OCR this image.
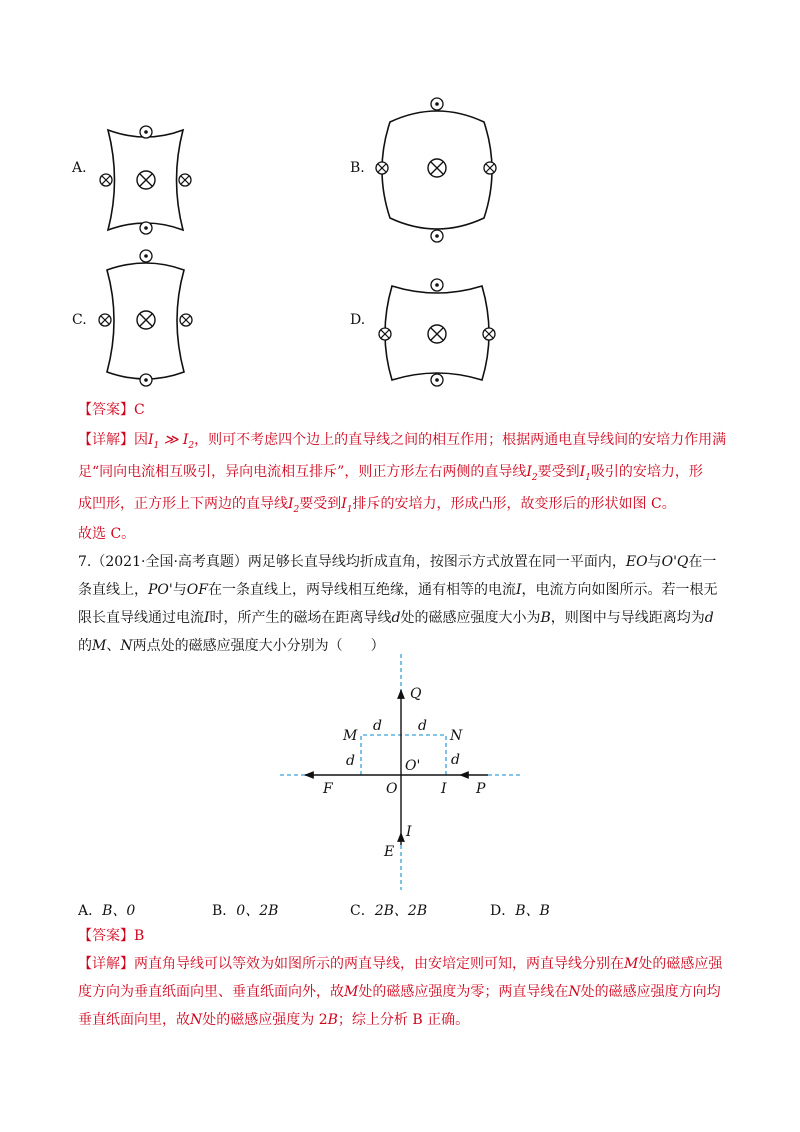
A.	B.
C.	D.
【答案】C
【详解】因$I_1$ ≫ $I_2$，则可不考虑四个边上的直导线之间的相互作用；根据两通电直导线间的安培力作用满
足“同向电流相互吸引，异向电流相互排斥”，则正方形左右两侧的直导线$I_2$要受到$I_1$吸引的安培力，形
成凹形，正方形上下两边的直导线$I_2$要受到$I_1$排斥的安培力，形成凸形，故变形后的形状如图 C。
故选 C。
7.（2021·全国·高考真题）两足够长直导线均折成直角，按图示方式放置在同一平面内，EO与O'Q在一
条直线上，PO'与OF在一条直线上，两导线相互绝缘，通有相等的电流I，电流方向如图所示。若一根无
限长直导线通过电流I时，所产生的磁场在距离导线d处的磁感应强度大小为B，则图中与导线距离均为d
的M、N两点处的磁感应强度大小分别为（　　）
Q
M
d	d
N
d	d
O'
F	O	I P
I
E
A．B、0	B．0、2B	C．2B、2B	D．B、B
【答案】B
【详解】两直角导线可以等效为如图所示的两直导线，由安培定则可知，两直导线分别在M处的磁感应强
度方向为垂直纸面向里、垂直纸面向外，故M处的磁感应强度为零；两直导线在N处的磁感应强度方向均
垂直纸面向里，故N处的磁感应强度为 2B；综上分析 B 正确。
